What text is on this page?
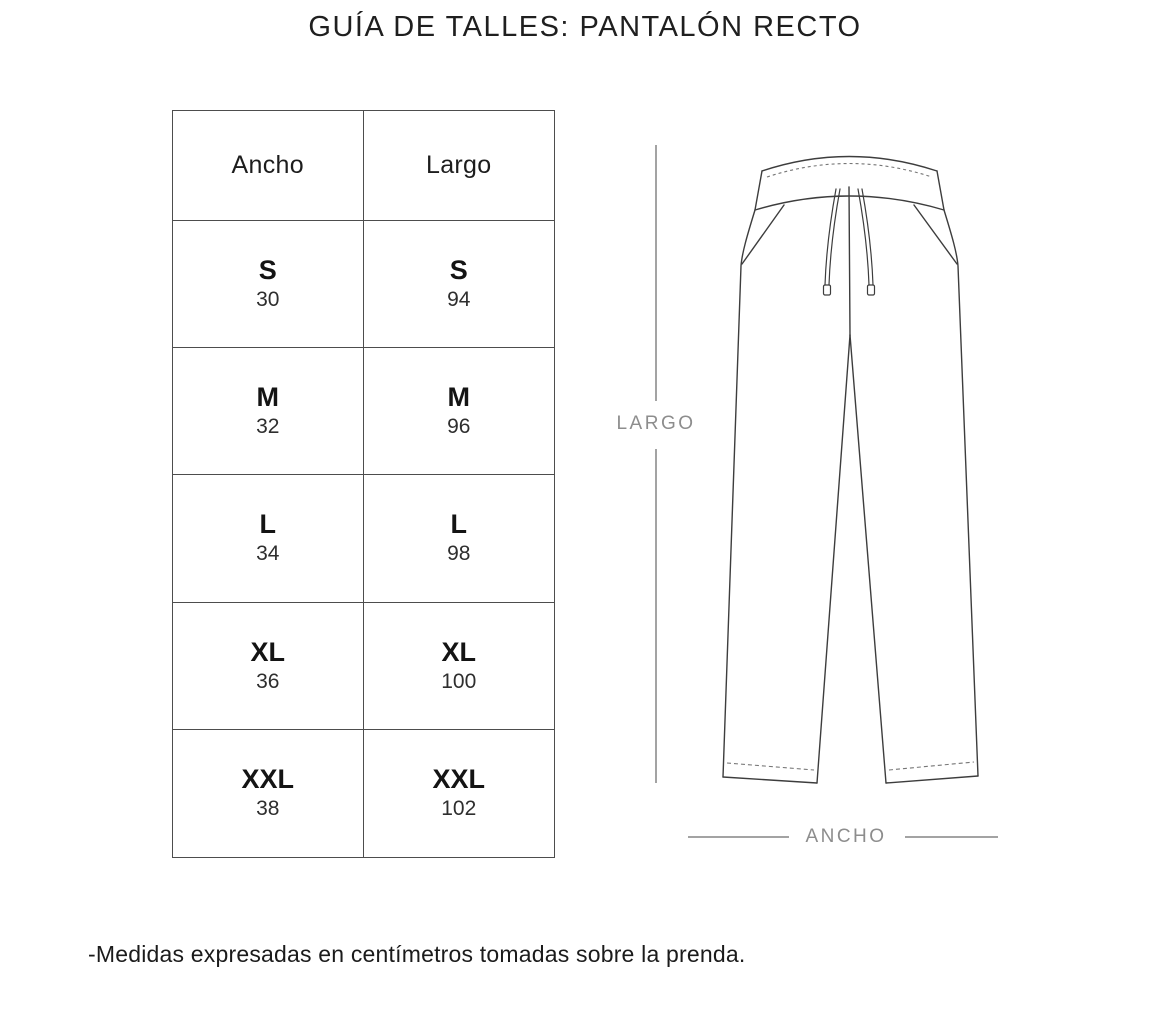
GUÍA DE TALLES: PANTALÓN RECTO
Ancho	Largo
S
30
S
94
M
32
M
96
L
34
L
98
XL
36
XL
100
XXL
38
XXL
102
LARGO
ANCHO
-Medidas expresadas en centímetros tomadas sobre la prenda.
